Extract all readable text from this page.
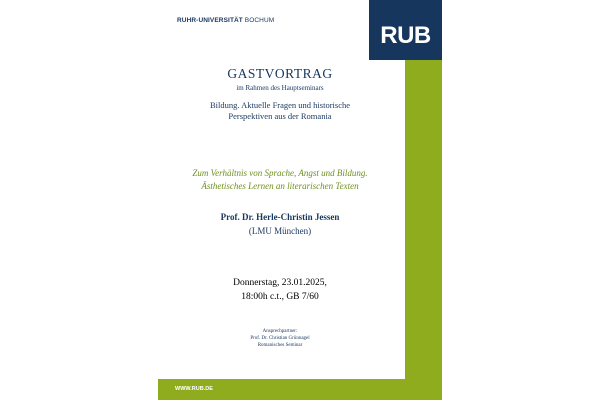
RUHR-UNIVERSITÄT BOCHUM
RUB
GASTVORTRAG
im Rahmen des Hauptseminars
Bildung. Aktuelle Fragen und historische
Perspektiven aus der Romania
Zum Verhältnis von Sprache, Angst und Bildung.
Ästhetisches Lernen an literarischen Texten
Prof. Dr. Herle-Christin Jessen
(LMU München)
Donnerstag, 23.01.2025,
18:00h c.t., GB 7/60
Ansprechpartner:
Prof. Dr. Christian Grünnagel
Romanisches Seminar
WWW.RUB.DE
